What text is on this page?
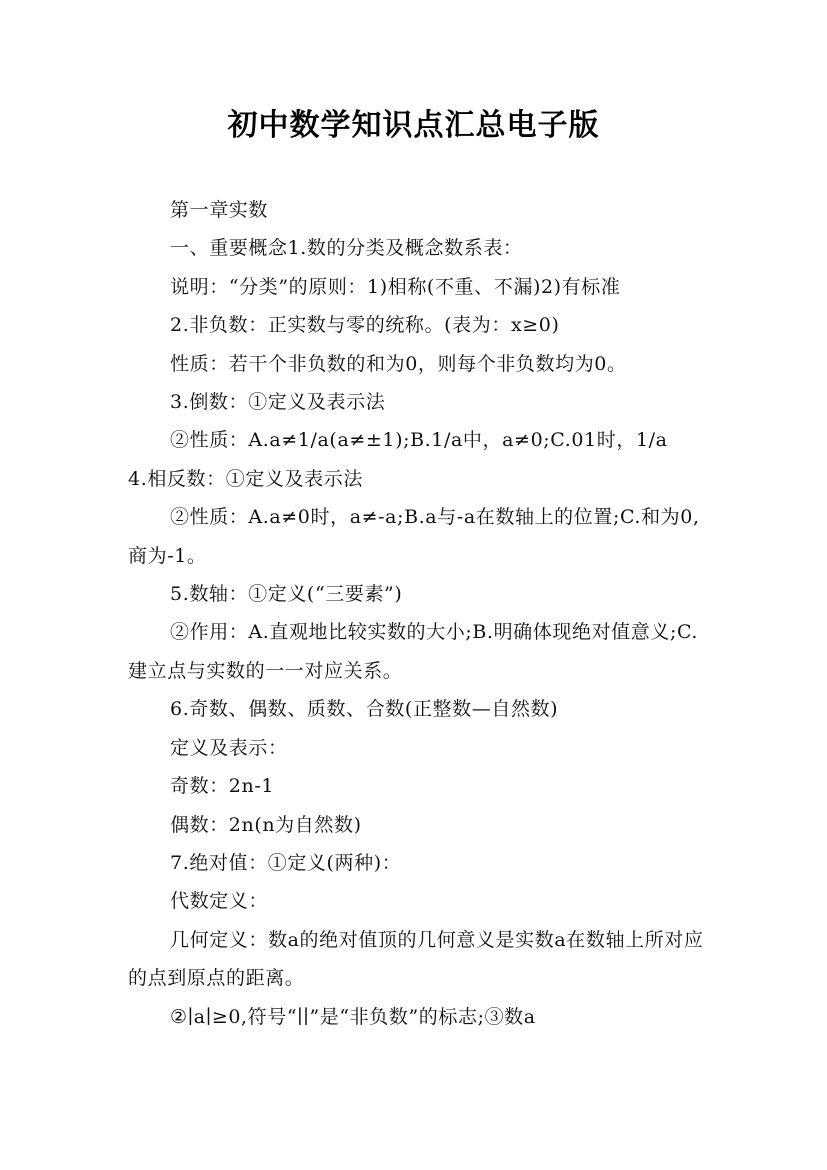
初中数学知识点汇总电子版

第一章实数

一、重要概念1.数的分类及概念数系表：

说明：“分类”的原则：1)相称(不重、不漏)2)有标准

2.非负数：正实数与零的统称。(表为：x≥0)

性质：若干个非负数的和为0，则每个非负数均为0。

3.倒数：①定义及表示法

②性质：A.a≠1/a(a≠±1);B.1/a中，a≠0;C.01时，1/a　　4.相反数：①定义及表示法

②性质：A.a≠0时，a≠-a;B.a与-a在数轴上的位置;C.和为0,商为-1。

5.数轴：①定义(“三要素”)

②作用：A.直观地比较实数的大小;B.明确体现绝对值意义;C.建立点与实数的一一对应关系。

6.奇数、偶数、质数、合数(正整数—自然数)

定义及表示：

奇数：2n-1

偶数：2n(n为自然数)

7.绝对值：①定义(两种)：

代数定义：

几何定义：数a的绝对值顶的几何意义是实数a在数轴上所对应的点到原点的距离。

②∣a∣≥0,符号“∣∣”是“非负数”的标志;③数a
